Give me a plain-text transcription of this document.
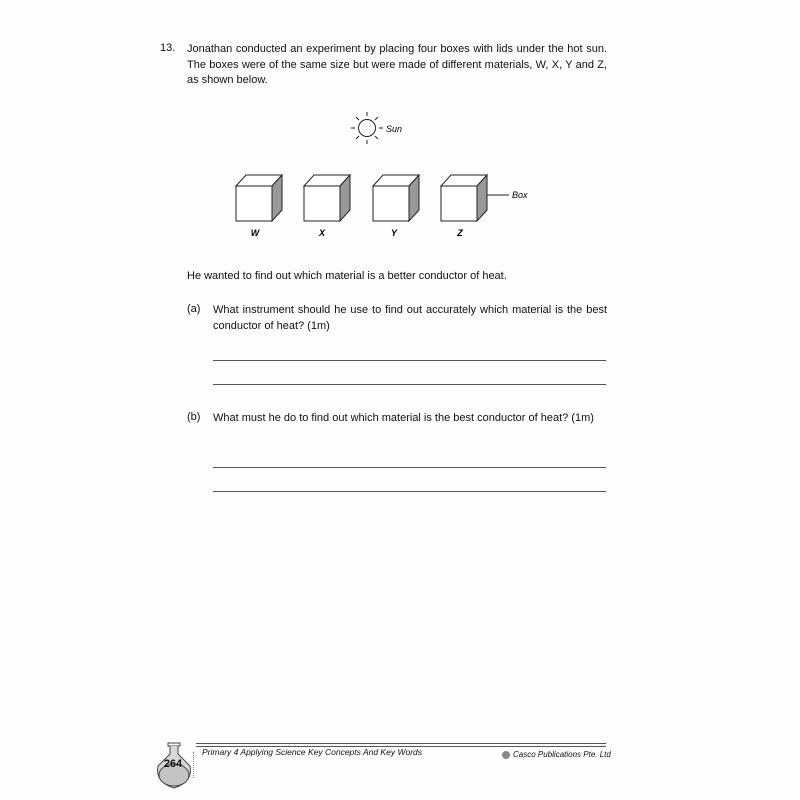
13. Jonathan conducted an experiment by placing four boxes with lids under the hot sun. The boxes were of the same size but were made of different materials, W, X, Y and Z, as shown below.
Sun
Box
W	X	Y	Z
He wanted to find out which material is a better conductor of heat.
(a) What instrument should he use to find out accurately which material is the best conductor of heat? (1m)
(b) What must he do to find out which material is the best conductor of heat? (1m)
264
Primary 4 Applying Science Key Concepts And Key Words	Casco Publications Pte. Ltd
